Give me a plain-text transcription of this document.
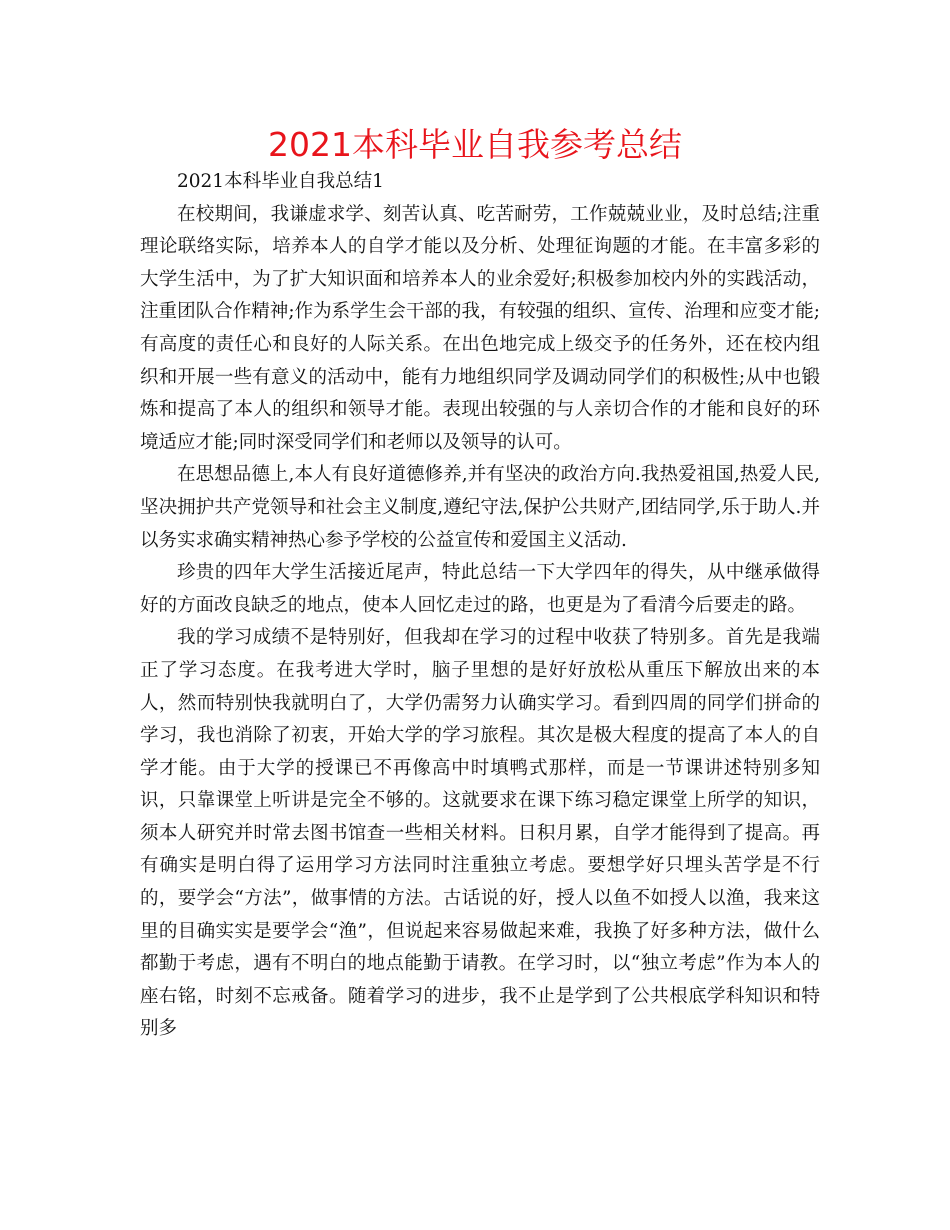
2021本科毕业自我参考总结

2021本科毕业自我总结1

在校期间，我谦虚求学、刻苦认真、吃苦耐劳，工作兢兢业业，及时总结;注重理论联络实际，培养本人的自学才能以及分析、处理征询题的才能。在丰富多彩的大学生活中，为了扩大知识面和培养本人的业余爱好;积极参加校内外的实践活动，注重团队合作精神;作为系学生会干部的我，有较强的组织、宣传、治理和应变才能;有高度的责任心和良好的人际关系。在出色地完成上级交予的任务外，还在校内组织和开展一些有意义的活动中，能有力地组织同学及调动同学们的积极性;从中也锻炼和提高了本人的组织和领导才能。表现出较强的与人亲切合作的才能和良好的环境适应才能;同时深受同学们和老师以及领导的认可。

在思想品德上,本人有良好道德修养,并有坚决的政治方向.我热爱祖国,热爱人民,坚决拥护共产党领导和社会主义制度,遵纪守法,保护公共财产,团结同学,乐于助人.并以务实求确实精神热心参予学校的公益宣传和爱国主义活动.

珍贵的四年大学生活接近尾声，特此总结一下大学四年的得失，从中继承做得好的方面改良缺乏的地点，使本人回忆走过的路，也更是为了看清今后要走的路。

我的学习成绩不是特别好，但我却在学习的过程中收获了特别多。首先是我端正了学习态度。在我考进大学时，脑子里想的是好好放松从重压下解放出来的本人，然而特别快我就明白了，大学仍需努力认确实学习。看到四周的同学们拼命的学习，我也消除了初衷，开始大学的学习旅程。其次是极大程度的提高了本人的自学才能。由于大学的授课已不再像高中时填鸭式那样，而是一节课讲述特别多知识，只靠课堂上听讲是完全不够的。这就要求在课下练习稳定课堂上所学的知识，须本人研究并时常去图书馆查一些相关材料。日积月累，自学才能得到了提高。再有确实是明白得了运用学习方法同时注重独立考虑。要想学好只埋头苦学是不行的，要学会“方法”，做事情的方法。古话说的好，授人以鱼不如授人以渔，我来这里的目确实实是要学会“渔”，但说起来容易做起来难，我换了好多种方法，做什么都勤于考虑，遇有不明白的地点能勤于请教。在学习时，以“独立考虑”作为本人的座右铭，时刻不忘戒备。随着学习的进步，我不止是学到了公共根底学科知识和特别多
